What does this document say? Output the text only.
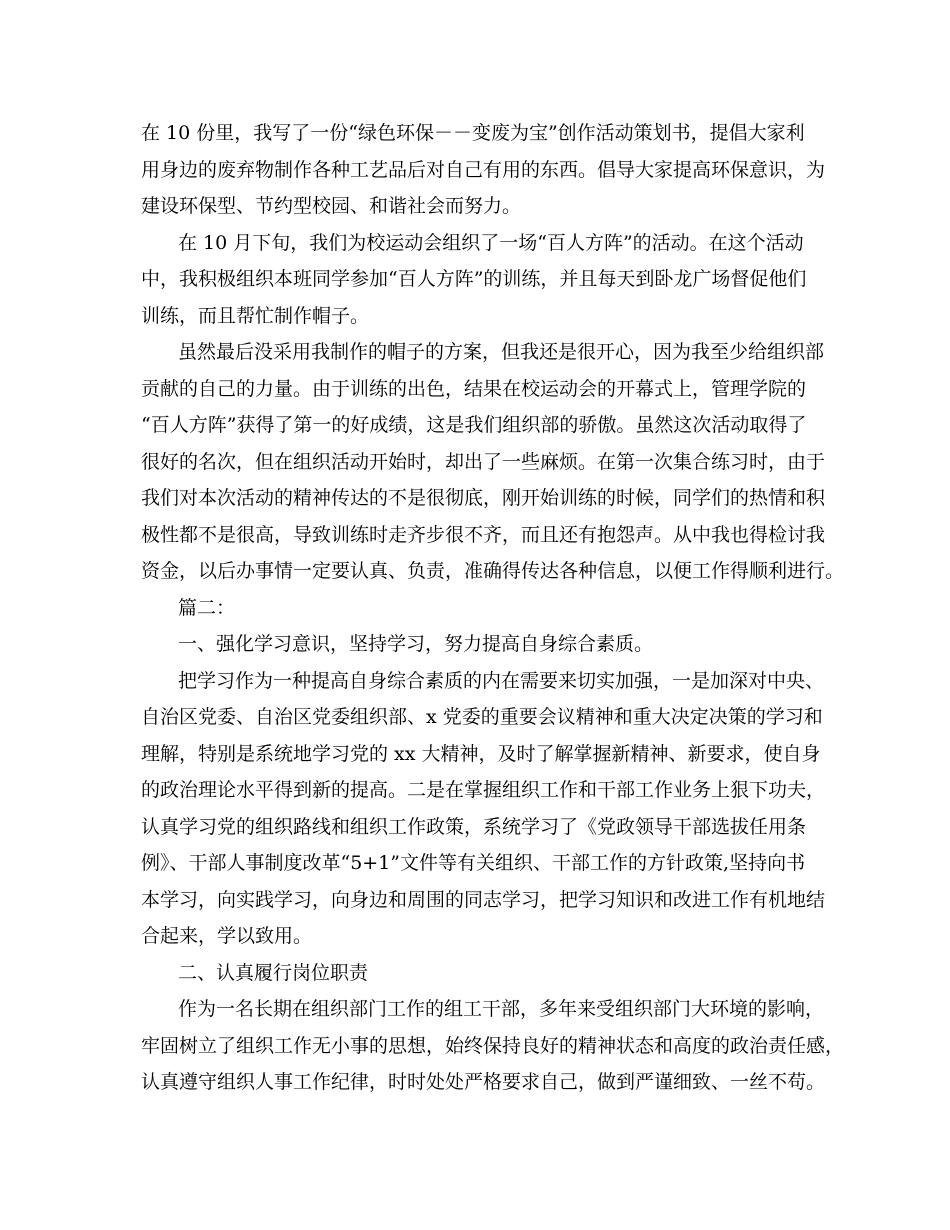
在 10 份里，我写了一份“绿色环保－－变废为宝”创作活动策划书，提倡大家利
用身边的废弃物制作各种工艺品后对自己有用的东西。倡导大家提高环保意识，为
建设环保型、节约型校园、和谐社会而努力。
在 10 月下旬，我们为校运动会组织了一场“百人方阵”的活动。在这个活动
中，我积极组织本班同学参加“百人方阵”的训练，并且每天到卧龙广场督促他们
训练，而且帮忙制作帽子。
虽然最后没采用我制作的帽子的方案，但我还是很开心，因为我至少给组织部
贡献的自己的力量。由于训练的出色，结果在校运动会的开幕式上，管理学院的
“百人方阵”获得了第一的好成绩，这是我们组织部的骄傲。虽然这次活动取得了
很好的名次，但在组织活动开始时，却出了一些麻烦。在第一次集合练习时，由于
我们对本次活动的精神传达的不是很彻底，刚开始训练的时候，同学们的热情和积
极性都不是很高，导致训练时走齐步很不齐，而且还有抱怨声。从中我也得检讨我
资金，以后办事情一定要认真、负责，准确得传达各种信息，以便工作得顺利进行。
篇二：
一、强化学习意识，坚持学习，努力提高自身综合素质。
把学习作为一种提高自身综合素质的内在需要来切实加强，一是加深对中央、
自治区党委、自治区党委组织部、x 党委的重要会议精神和重大决定决策的学习和
理解，特别是系统地学习党的 xx 大精神，及时了解掌握新精神、新要求，使自身
的政治理论水平得到新的提高。二是在掌握组织工作和干部工作业务上狠下功夫，
认真学习党的组织路线和组织工作政策，系统学习了《党政领导干部选拔任用条
例》、干部人事制度改革“5+1”文件等有关组织、干部工作的方针政策,坚持向书
本学习，向实践学习，向身边和周围的同志学习，把学习知识和改进工作有机地结
合起来，学以致用。
二、认真履行岗位职责
作为一名长期在组织部门工作的组工干部，多年来受组织部门大环境的影响，
牢固树立了组织工作无小事的思想，始终保持良好的精神状态和高度的政治责任感，
认真遵守组织人事工作纪律，时时处处严格要求自己，做到严谨细致、一丝不苟。
